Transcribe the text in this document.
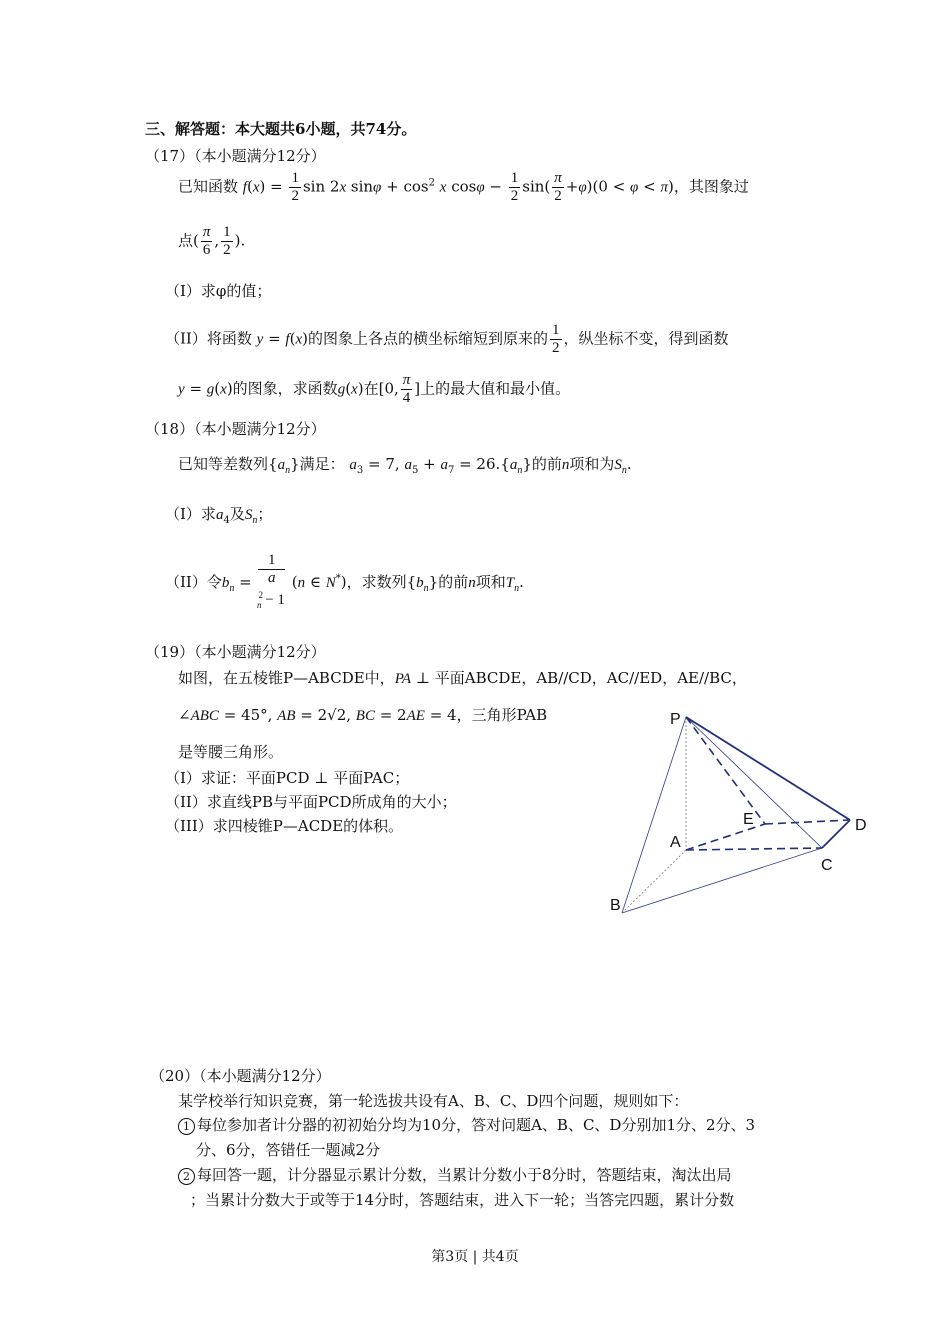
三、解答题：本大题共6小题，共74分。
（17）（本小题满分12分）
已知函数 $f(x) = \frac{1}{2}$ sin 2x $\sin\varphi + \cos^2 x$ $\cos\varphi - \frac{1}{2} \sin( \frac{\pi}{2} +\varphi)(0 < \varphi < \pi)$，其图象过
点( $\frac{\pi}{6}$ , $\frac{1}{2}$ ).
（I）求φ的值；
（II）将函数 y = f(x)的图象上各点的横坐标缩短到原来的 $\frac{1}{2}$ ，纵坐标不变，得到函数
y = g(x)的图象，求函数g(x)在[0, $\frac{\pi}{4}$ ]上的最大值和最小值。
（18）（本小题满分12分）
已知等差数列$\{a_n\}$满足： $a_3 = 7$, $a_5 + a_7 = 26.\{a_n\}$的前n项和为$S_n$.
（I）求$a_4$及$S_n$；
（II）令$b_n = 1$
a
$^2_n$ − 1 (n ∈ N*)，求数列$\{b_n\}$的前n项和$T_n$.
（19）（本小题满分12分）
如图，在五棱锥P—ABCDE中，PA ⊥ 平面ABCDE，AB//CD，AC//ED，AE//BC，
∠ABC = 45°, AB = 2√2, BC = 2AE = 4，三角形PAB
是等腰三角形。
（I）求证：平面PCD ⊥ 平面PAC；
（II）求直线PB与平面PCD所成角的大小；
（III）求四棱锥P—ACDE的体积。
P
A
B
C
D
E
（20）（本小题满分12分）
某学校举行知识竞赛，第一轮选拔共设有A、B、C、D四个问题，规则如下：
1 每位参加者计分器的初初始分均为10分，答对问题A、B、C、D分别加1分、2分、3
分、6分，答错任一题减2分
2 每回答一题，计分器显示累计分数，当累计分数小于8分时，答题结束，淘汰出局
；当累计分数大于或等于14分时，答题结束，进入下一轮；当答完四题，累计分数
第3页 | 共4页
